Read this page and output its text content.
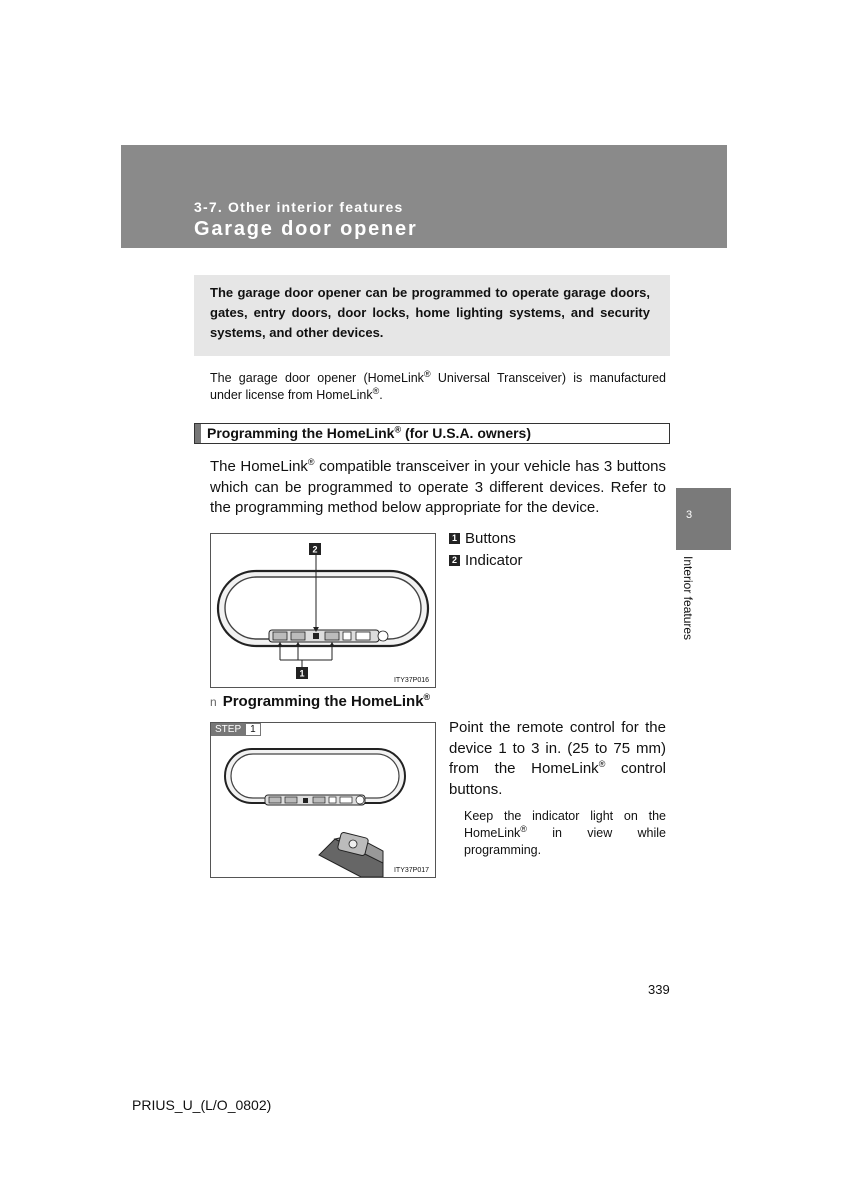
3-7. Other interior features
Garage door opener
The garage door opener can be programmed to operate garage doors, gates, entry doors, door locks, home lighting systems, and security systems, and other devices.
The garage door opener (HomeLink® Universal Transceiver) is manufactured under license from HomeLink®.
Programming the HomeLink® (for U.S.A. owners)
The HomeLink® compatible transceiver in your vehicle has 3 buttons which can be programmed to operate 3 different devices. Refer to the programming method below appropriate for the device.
2
1
ITY37P016
1 Buttons
2 Indicator
n Programming the HomeLink®
STEP 1
ITY37P017
Point the remote control for the device 1 to 3 in. (25 to 75 mm) from the HomeLink® control buttons.
Keep the indicator light on the HomeLink® in view while programming.
3
Interior features
339
PRIUS_U_(L/O_0802)
